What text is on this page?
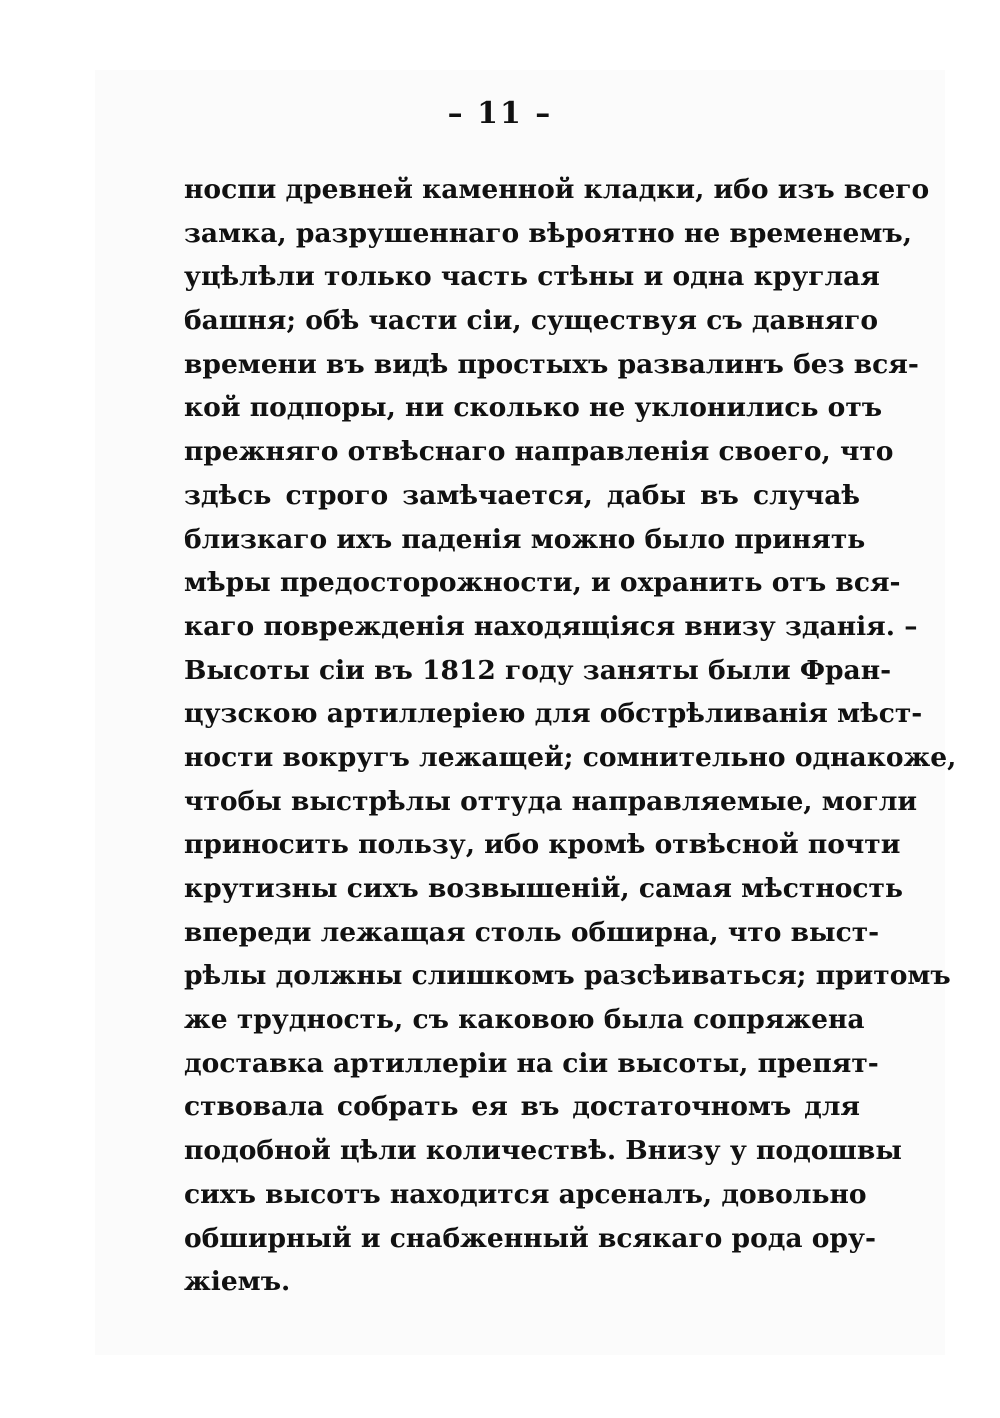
– 11 –
носпи древней каменной кладки, ибо изъ всего
замка, разрушеннаго вѣроятно не временемъ,
уцѣлѣли только часть стѣны и одна круглая
башня; обѣ части сіи, существуя съ давняго
времени въ видѣ простыхъ развалинъ без вся-
кой подпоры, ни сколько не уклонились отъ
прежняго отвѣснаго направленія своего, что
здѣсь строго замѣчается, дабы въ случаѣ
близкаго ихъ паденія можно было принять
мѣры предосторожности, и охранить отъ вся-
каго поврежденія находящіяся внизу зданія. –
Высоты сіи въ 1812 году заняты были Фран-
цузскою артиллеріею для обстрѣливанія мѣст-
ности вокругъ лежащей; сомнительно однакоже,
чтобы выстрѣлы оттуда направляемые, могли
приносить пользу, ибо кромѣ отвѣсной почти
крутизны сихъ возвышеній, самая мѣстность
впереди лежащая столь обширна, что выст-
рѣлы должны слишкомъ разсѣиваться; притомъ
же трудность, съ каковою была сопряжена
доставка артиллеріи на сіи высоты, препят-
ствовала собрать ея въ достаточномъ для
подобной цѣли количествѣ. Внизу у подошвы
сихъ высотъ находится арсеналъ, довольно
обширный и снабженный всякаго рода ору-
жіемъ.
